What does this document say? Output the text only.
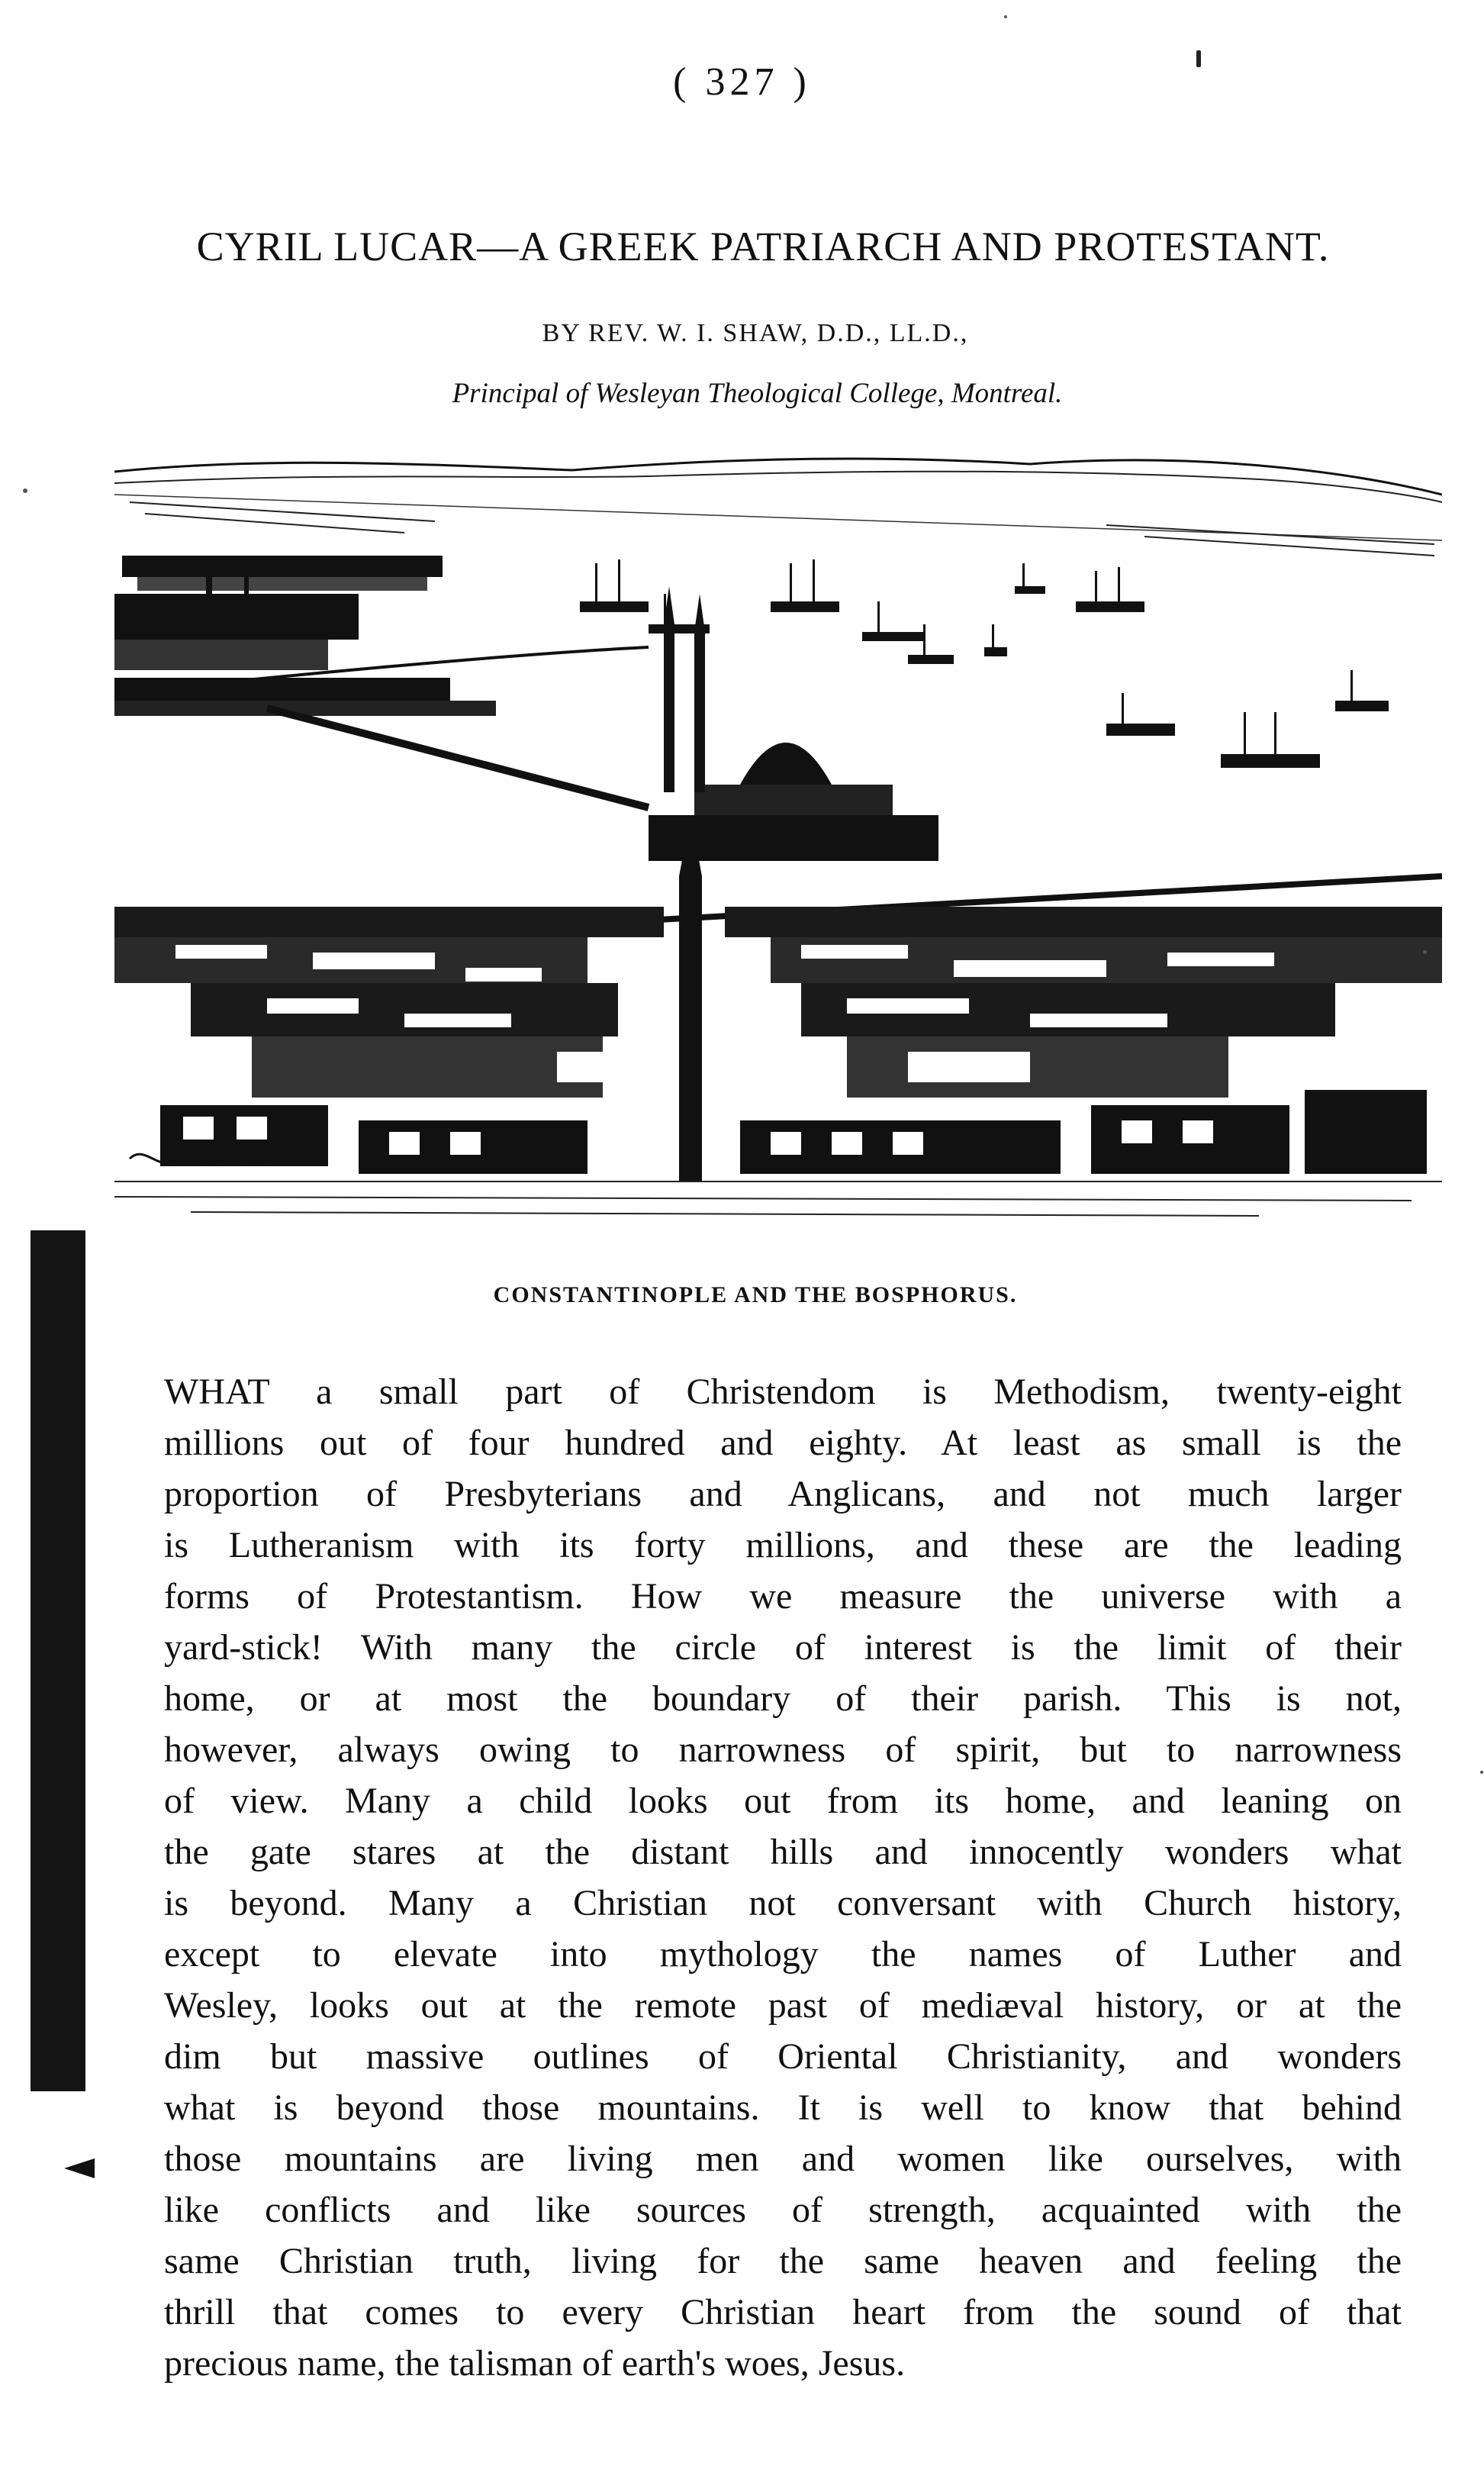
( 327 )
CYRIL LUCAR—A GREEK PATRIARCH AND PROTESTANT.
BY REV. W. I. SHAW, D.D., LL.D.,
Principal of Wesleyan Theological College, Montreal.
CONSTANTINOPLE AND THE BOSPHORUS.
WHAT a small part of Christendom is Methodism, twenty-eight
millions out of four hundred and eighty. At least as small is the
proportion of Presbyterians and Anglicans, and not much larger
is Lutheranism with its forty millions, and these are the leading
forms of Protestantism. How we measure the universe with a
yard-stick! With many the circle of interest is the limit of their
home, or at most the boundary of their parish. This is not,
however, always owing to narrowness of spirit, but to narrowness
of view. Many a child looks out from its home, and leaning on
the gate stares at the distant hills and innocently wonders what
is beyond. Many a Christian not conversant with Church history,
except to elevate into mythology the names of Luther and
Wesley, looks out at the remote past of mediæval history, or at the
dim but massive outlines of Oriental Christianity, and wonders
what is beyond those mountains. It is well to know that behind
those mountains are living men and women like ourselves, with
like conflicts and like sources of strength, acquainted with the
same Christian truth, living for the same heaven and feeling the
thrill that comes to every Christian heart from the sound of that
precious name, the talisman of earth's woes, Jesus.
